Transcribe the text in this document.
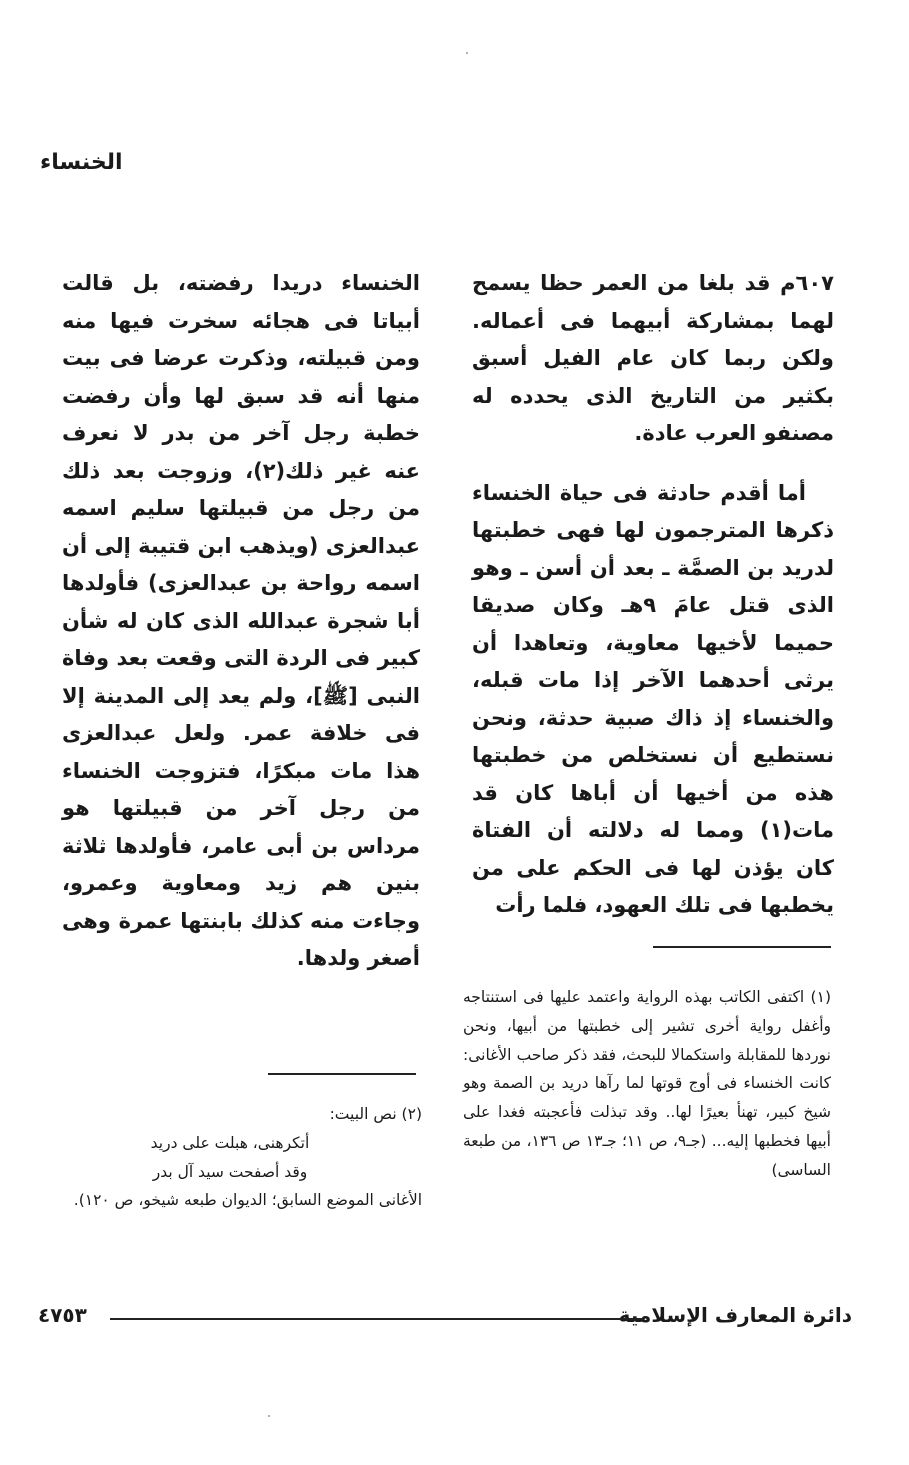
الخنساء

٦٠٧م قد بلغا من العمر حظا يسمح لهما بمشاركة أبيهما فى أعماله. ولكن ربما كان عام الفيل أسبق بكثير من التاريخ الذى يحدده له مصنفو العرب عادة.

أما أقدم حادثة فى حياة الخنساء ذكرها المترجمون لها فهى خطبتها لدريد بن الصمَّة ـ بعد أن أسن ـ وهو الذى قتل عامَ ٩هـ وكان صديقا حميما لأخيها معاوية، وتعاهدا أن يرثى أحدهما الآخر إذا مات قبله، والخنساء إذ ذاك صبية حدثة، ونحن نستطيع أن نستخلص من خطبتها هذه من أخيها أن أباها كان قد مات(١) ومما له دلالته أن الفتاة كان يؤذن لها فى الحكم على من يخطبها فى تلك العهود، فلما رأت

الخنساء دريدا رفضته، بل قالت أبياتا فى هجائه سخرت فيها منه ومن قبيلته، وذكرت عرضا فى بيت منها أنه قد سبق لها وأن رفضت خطبة رجل آخر من بدر لا نعرف عنه غير ذلك(٢)، وزوجت بعد ذلك من رجل من قبيلتها سليم اسمه عبدالعزى (ويذهب ابن قتيبة إلى أن اسمه رواحة بن عبدالعزى) فأولدها أبا شجرة عبدالله الذى كان له شأن كبير فى الردة التى وقعت بعد وفاة النبى [ﷺ]، ولم يعد إلى المدينة إلا فى خلافة عمر. ولعل عبدالعزى هذا مات مبكرًا، فتزوجت الخنساء من رجل آخر من قبيلتها هو مرداس بن أبى عامر، فأولدها ثلاثة بنين هم زيد ومعاوية وعمرو، وجاءت منه كذلك بابنتها عمرة وهى أصغر ولدها.

(١) اكتفى الكاتب بهذه الرواية واعتمد عليها فى استنتاجه وأغفل رواية أخرى تشير إلى خطبتها من أبيها، ونحن نوردها للمقابلة واستكمالا للبحث، فقد ذكر صاحب الأغانى: كانت الخنساء فى أوج قوتها لما رآها دريد بن الصمة وهو شيخ كبير، تهنأ بعيرًا لها.. وقد تبذلت فأعجبته فغدا على أبيها فخطبها إليه... (جـ٩، ص ١١؛ جـ١٣ ص ١٣٦، من طبعة الساسى)
(٢) نص البيت:
أتكرهنى، هبلت على دريد
وقد أصفحت سيد آل بدر
الأغانى الموضع السابق؛ الديوان طبعه شيخو، ص ١٢٠).
دائرة المعارف الإسلامية
٤٧٥٣
